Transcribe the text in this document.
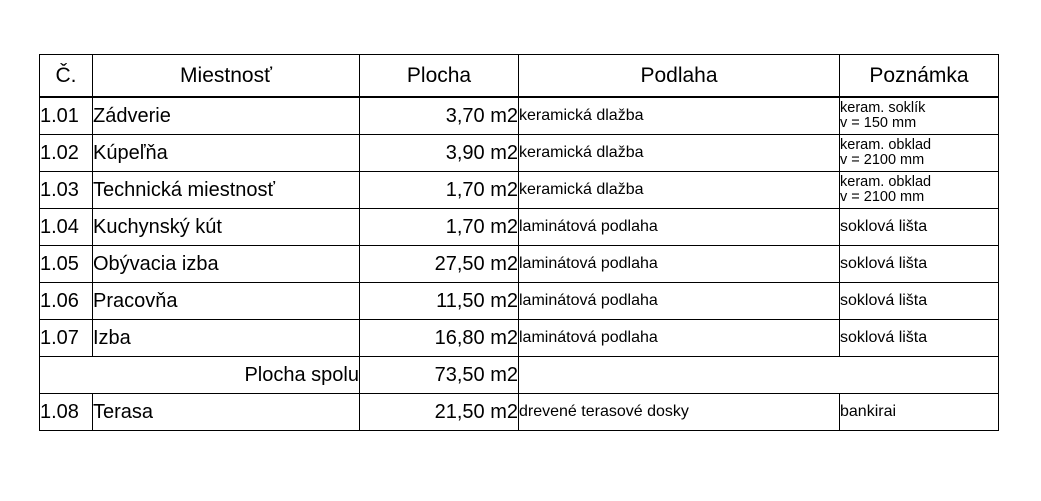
Č.	Miestnosť	Plocha	Podlaha	Poznámka
1.01	Zádverie	3,70 m2	keramická dlažba	keram. soklík
v = 150 mm

1.02	Kúpeľňa	3,90 m2	keramická dlažba	keram. obklad
v = 2100 mm

1.03	Technická miestnosť	1,70 m2	keramická dlažba	keram. obklad
v = 2100 mm

1.04	Kuchynský kút	1,70 m2	laminátová podlaha	soklová lišta
1.05	Obývacia izba	27,50 m2	laminátová podlaha	soklová lišta
1.06	Pracovňa	11,50 m2	laminátová podlaha	soklová lišta
1.07	Izba	16,80 m2	laminátová podlaha	soklová lišta
Plocha spolu		73,50 m2		
1.08	Terasa	21,50 m2	drevené terasové dosky	bankirai
